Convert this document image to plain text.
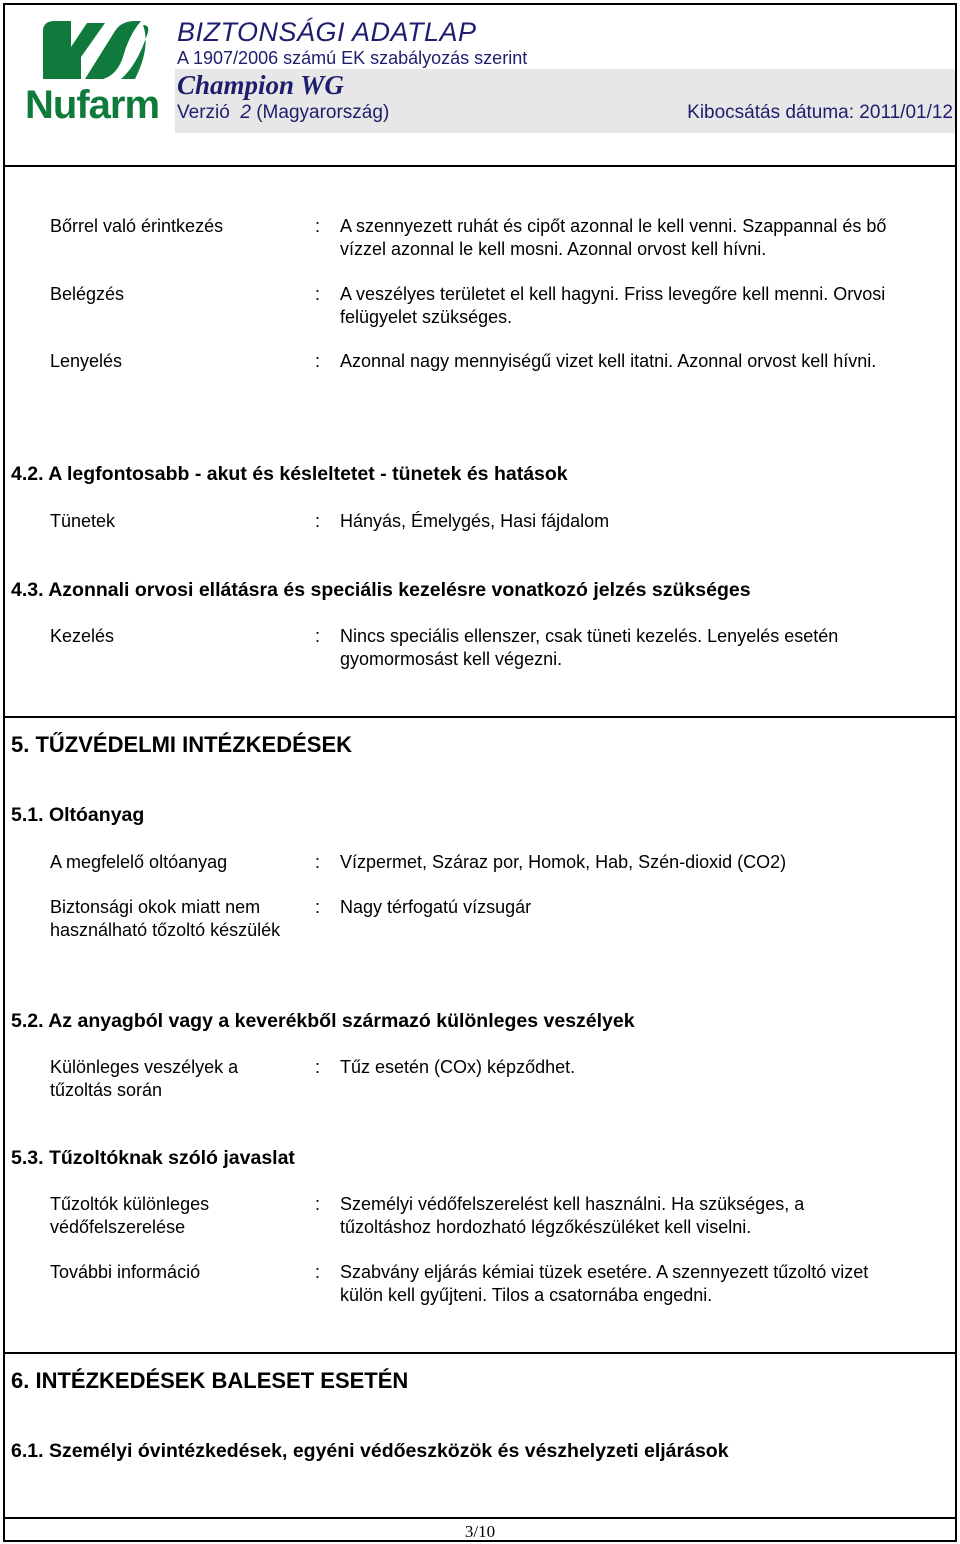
Nufarm
BIZTONSÁGI ADATLAP
A 1907/2006 számú EK szabályozás szerint
Champion WG
Verzió 2 (Magyarország)	Kibocsátás dátuma: 2011/01/12
Bőrrel való érintkezés	: A szennyezett ruhát és cipőt azonnal le kell venni. Szappannal és bő vízzel azonnal le kell mosni. Azonnal orvost kell hívni.
Belégzés	: A veszélyes területet el kell hagyni. Friss levegőre kell menni. Orvosi felügyelet szükséges.
Lenyelés	: Azonnal nagy mennyiségű vizet kell itatni. Azonnal orvost kell hívni.
4.2. A legfontosabb - akut és késleltetet - tünetek és hatások
Tünetek	: Hányás, Émelygés, Hasi fájdalom
4.3. Azonnali orvosi ellátásra és speciális kezelésre vonatkozó jelzés szükséges
Kezelés	: Nincs speciális ellenszer, csak tüneti kezelés. Lenyelés esetén gyomormosást kell végezni.
5. TŰZVÉDELMI INTÉZKEDÉSEK
5.1. Oltóanyag
A megfelelő oltóanyag	: Vízpermet, Száraz por, Homok, Hab, Szén-dioxid (CO2)
Biztonsági okok miatt nem használható tőzoltó készülék
: Nagy térfogatú vízsugár
5.2. Az anyagból vagy a keverékből származó különleges veszélyek
Különleges veszélyek a tűzoltás során
: Tűz esetén (COx) képződhet.
5.3. Tűzoltóknak szóló javaslat
Tűzoltók különleges védőfelszerelése
: Személyi védőfelszerelést kell használni. Ha szükséges, a tűzoltáshoz hordozható légzőkészüléket kell viselni.
További információ	: Szabvány eljárás kémiai tüzek esetére. A szennyezett tűzoltó vizet külön kell gyűjteni. Tilos a csatornába engedni.
6. INTÉZKEDÉSEK BALESET ESETÉN
6.1. Személyi óvintézkedések, egyéni védőeszközök és vészhelyzeti eljárások
3/10
